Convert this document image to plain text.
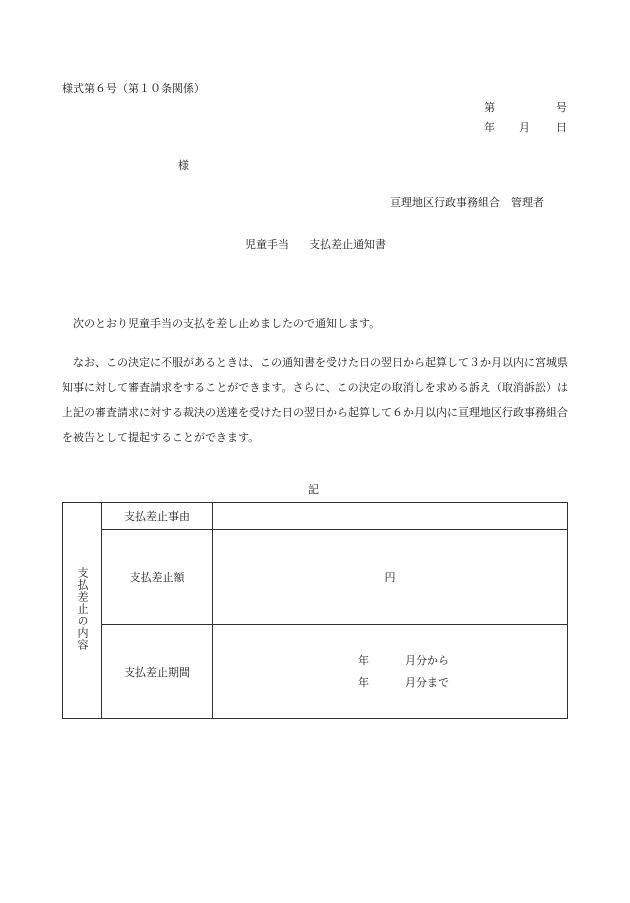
様式第６号（第１０条関係）
第	号
年 月 日
様
亘理地区行政事務組合　管理者
児童手当 支払差止通知書
次のとおり児童手当の支払を差し止めましたので通知します。
なお、この決定に不服があるときは、この通知書を受けた日の翌日から起算して３か月以内に宮城県知事に対して審査請求をすることができます。さらに、この決定の取消しを求める訴え（取消訴訟）は上記の審査請求に対する裁決の送達を受けた日の翌日から起算して６か月以内に亘理地区行政事務組合を被告として提起することができます。
記
支払差止の内容	支払差止事由	
	支払差止額	円
	支払差止期間	年 月分から
年 月分まで
